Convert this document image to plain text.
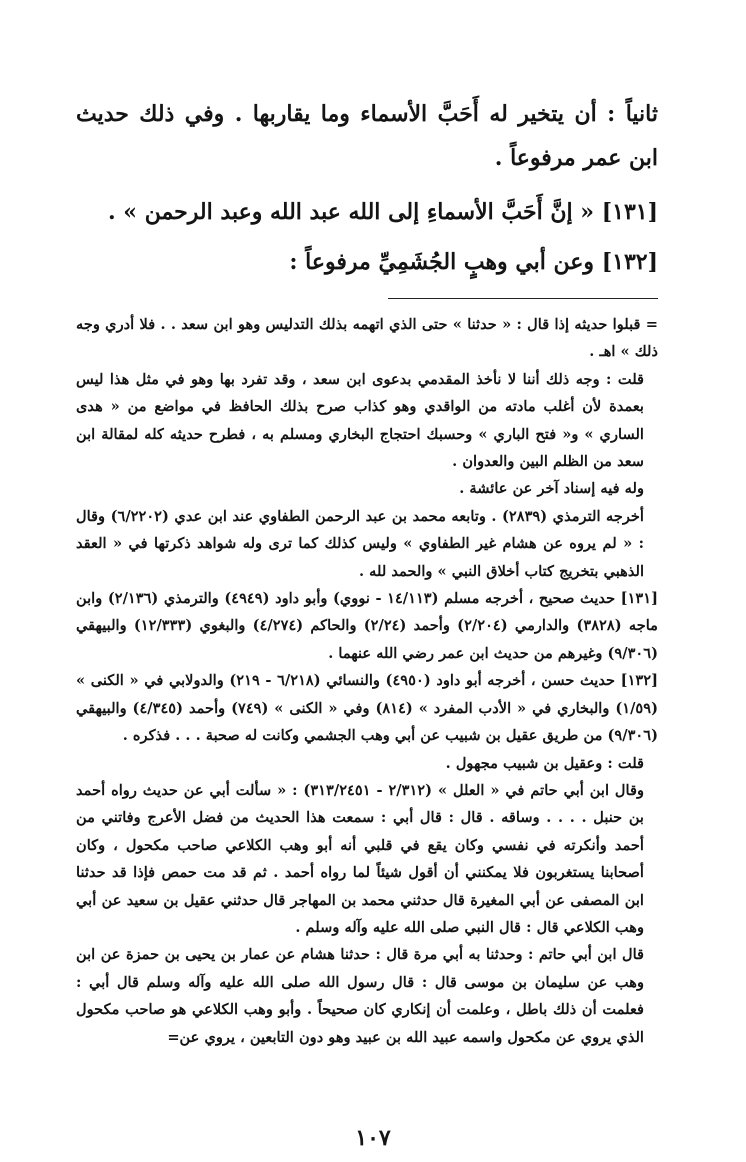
ثانياً : أن يتخير له أَحَبَّ الأسماء وما يقاربها . وفي ذلك حديث ابن عمر مرفوعاً .

[١٣١] « إنَّ أَحَبَّ الأسماءِ إلى الله عبد الله وعبد الرحمن » .

[١٣٢] وعن أبي وهبٍ الجُشَمِيِّ مرفوعاً :

= قبلوا حديثه إذا قال : « حدثنا » حتى الذي اتهمه بذلك التدليس وهو ابن سعد . . فلا أدري وجه ذلك » اهـ .

قلت : وجه ذلك أننا لا نأخذ المقدمي بدعوى ابن سعد ، وقد تفرد بها وهو في مثل هذا ليس بعمدة لأن أغلب مادته من الواقدي وهو كذاب صرح بذلك الحافظ في مواضع من « هدى الساري » و« فتح الباري » وحسبك احتجاج البخاري ومسلم به ، فطرح حديثه كله لمقالة ابن سعد من الظلم البين والعدوان .

وله فيه إسناد آخر عن عائشة .

أخرجه الترمذي (٢٨٣٩) . وتابعه محمد بن عبد الرحمن الطفاوي عند ابن عدي (٦/٢٢٠٢) وقال : « لم يروه عن هشام غير الطفاوي » وليس كذلك كما ترى وله شواهد ذكرتها في « العقد الذهبي بتخريج كتاب أخلاق النبي » والحمد لله .

[١٣١] حديث صحيح ، أخرجه مسلم (١٤/١١٣ - نووي) وأبو داود (٤٩٤٩) والترمذي (٢/١٣٦) وابن ماجه (٣٨٢٨) والدارمي (٢/٢٠٤) وأحمد (٢/٢٤) والحاكم (٤/٢٧٤) والبغوي (١٢/٣٣٣) والبيهقي (٩/٣٠٦) وغيرهم من حديث ابن عمر رضي الله عنهما .

[١٣٢] حديث حسن ، أخرجه أبو داود (٤٩٥٠) والنسائي (٦/٢١٨ - ٢١٩) والدولابي في « الكنى » (١/٥٩) والبخاري في « الأدب المفرد » (٨١٤) وفي « الكنى » (٧٤٩) وأحمد (٤/٣٤٥) والبيهقي (٩/٣٠٦) من طريق عقيل بن شبيب عن أبي وهب الجشمي وكانت له صحبة . . . فذكره .

قلت : وعقيل بن شبيب مجهول .

وقال ابن أبي حاتم في « العلل » (٢/٣١٢ - ٣١٣/٢٤٥١) : « سألت أبي عن حديث رواه أحمد بن حنبل . . . . وساقه . قال : قال أبي : سمعت هذا الحديث من فضل الأعرج وفاتني من أحمد وأنكرته في نفسي وكان يقع في قلبي أنه أبو وهب الكلاعي صاحب مكحول ، وكان أصحابنا يستغربون فلا يمكنني أن أقول شيئاً لما رواه أحمد . ثم قد مت حمص فإذا قد حدثنا ابن المصفى عن أبي المغيرة قال حدثني محمد بن المهاجر قال حدثني عقيل بن سعيد عن أبي وهب الكلاعي قال : قال النبي صلى الله عليه وآله وسلم .

قال ابن أبي حاتم : وحدثنا به أبي مرة قال : حدثنا هشام عن عمار بن يحيى بن حمزة عن ابن وهب عن سليمان بن موسى قال : قال رسول الله صلى الله عليه وآله وسلم قال أبي : فعلمت أن ذلك باطل ، وعلمت أن إنكاري كان صحيحاً . وأبو وهب الكلاعي هو صاحب مكحول الذي يروي عن مكحول واسمه عبيد الله بن عبيد وهو دون التابعين ، يروي عن=

١٠٧
